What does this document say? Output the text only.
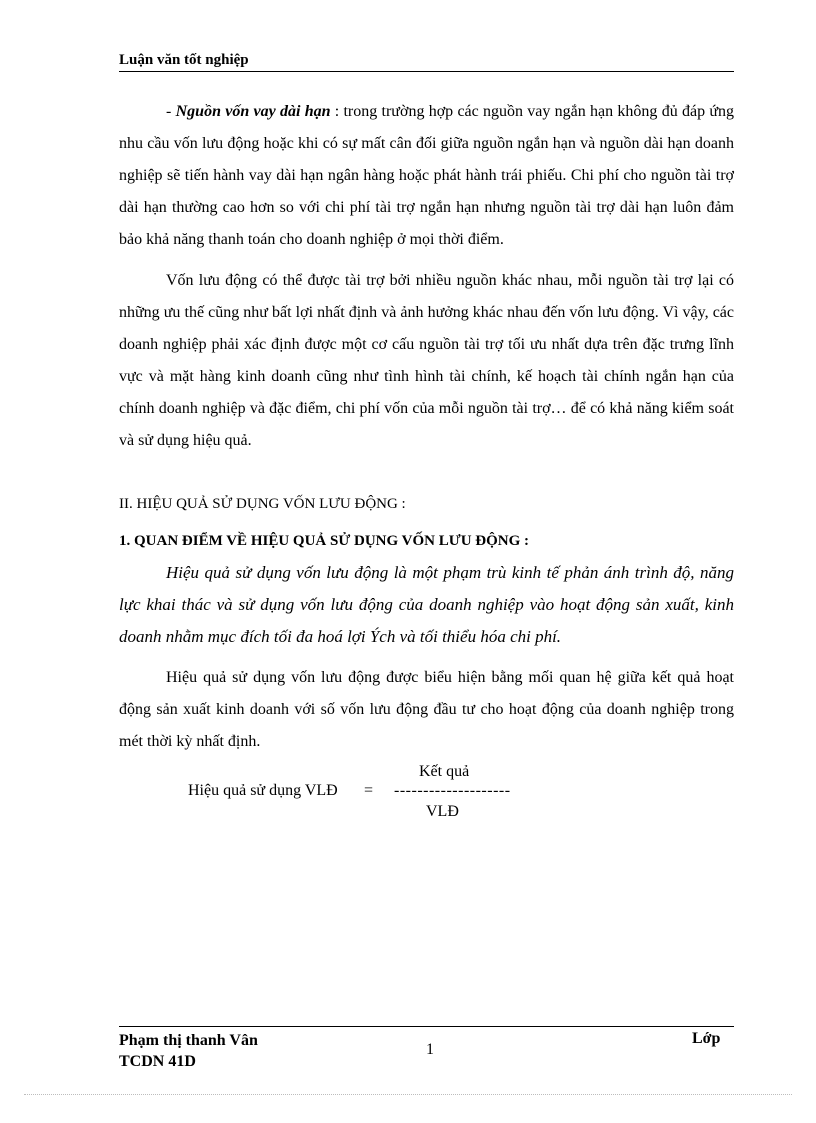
Luận văn tốt nghiệp

- Nguồn vốn vay dài hạn : trong trường hợp các nguồn vay ngắn hạn không đủ đáp ứng nhu cầu vốn lưu động hoặc khi có sự mất cân đối giữa nguồn ngắn hạn và nguồn dài hạn doanh nghiệp sẽ tiến hành vay dài hạn ngân hàng hoặc phát hành trái phiếu. Chi phí cho nguồn tài trợ dài hạn thường cao hơn so với chi phí tài trợ ngắn hạn nhưng nguồn tài trợ dài hạn luôn đảm bảo khả năng thanh toán cho doanh nghiệp ở mọi thời điểm.

Vốn lưu động có thể được tài trợ bởi nhiều nguồn khác nhau, mỗi nguồn tài trợ lại có những ưu thế cũng như bất lợi nhất định và ảnh hưởng khác nhau đến vốn lưu động. Vì vậy, các doanh nghiệp phải xác định được một cơ cấu nguồn tài trợ tối ưu nhất dựa trên đặc trưng lĩnh vực và mặt hàng kinh doanh cũng như tình hình tài chính, kế hoạch tài chính ngắn hạn của chính doanh nghiệp và đặc điểm, chi phí vốn của mỗi nguồn tài trợ… để có khả năng kiểm soát và sử dụng hiệu quả.

II. HIỆU QUẢ SỬ DỤNG VỐN LƯU ĐỘNG :

1. QUAN ĐIỂM VỀ HIỆU QUẢ SỬ DỤNG VỐN LƯU ĐỘNG :

Hiệu quả sử dụng vốn lưu động là một phạm trù kinh tế phản ánh trình độ, năng lực khai thác và sử dụng vốn lưu động của doanh nghiệp vào hoạt động sản xuất, kinh doanh nhằm mục đích tối đa hoá lợi Ých và tối thiểu hóa chi phí.

Hiệu quả sử dụng vốn lưu động được biểu hiện bằng mối quan hệ giữa kết quả hoạt động sản xuất kinh doanh với số vốn lưu động đầu tư cho hoạt động của doanh nghiệp trong mét thời kỳ nhất định.

Hiệu quả sử dụng VLĐ =
Kết quả
--------------------
VLĐ
Phạm thị thanh Vân
TCDN 41D
1
Lớp
